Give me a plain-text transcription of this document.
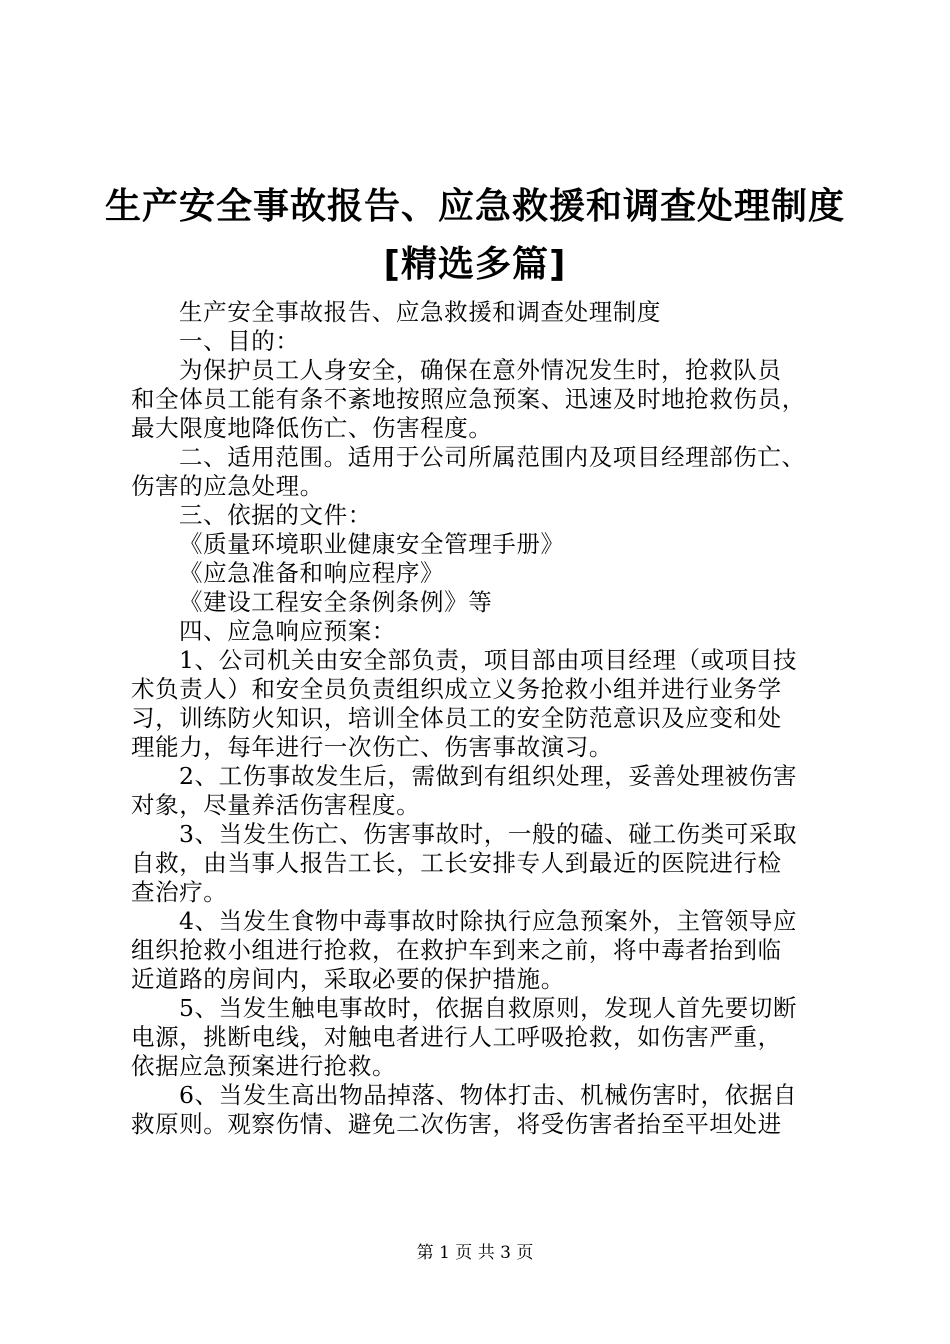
生产安全事故报告、应急救援和调查处理制度
[精选多篇]

生产安全事故报告、应急救援和调查处理制度

一、目的：

为保护员工人身安全，确保在意外情况发生时，抢救队员

和全体员工能有条不紊地按照应急预案、迅速及时地抢救伤员，

最大限度地降低伤亡、伤害程度。

二、适用范围。适用于公司所属范围内及项目经理部伤亡、

伤害的应急处理。

三、依据的文件：

《质量环境职业健康安全管理手册》

《应急准备和响应程序》

《建设工程安全条例条例》等

四、应急响应预案：

1、公司机关由安全部负责，项目部由项目经理（或项目技

术负责人）和安全员负责组织成立义务抢救小组并进行业务学

习，训练防火知识，培训全体员工的安全防范意识及应变和处

理能力，每年进行一次伤亡、伤害事故演习。

2、工伤事故发生后，需做到有组织处理，妥善处理被伤害

对象，尽量养活伤害程度。

3、当发生伤亡、伤害事故时，一般的磕、碰工伤类可采取

自救，由当事人报告工长，工长安排专人到最近的医院进行检

查治疗。

4、当发生食物中毒事故时除执行应急预案外，主管领导应

组织抢救小组进行抢救，在救护车到来之前，将中毒者抬到临

近道路的房间内，采取必要的保护措施。

5、当发生触电事故时，依据自救原则，发现人首先要切断

电源，挑断电线，对触电者进行人工呼吸抢救，如伤害严重，

依据应急预案进行抢救。

6、当发生高出物品掉落、物体打击、机械伤害时，依据自

救原则。观察伤情、避免二次伤害，将受伤害者抬至平坦处进

第 1 页 共 3 页
